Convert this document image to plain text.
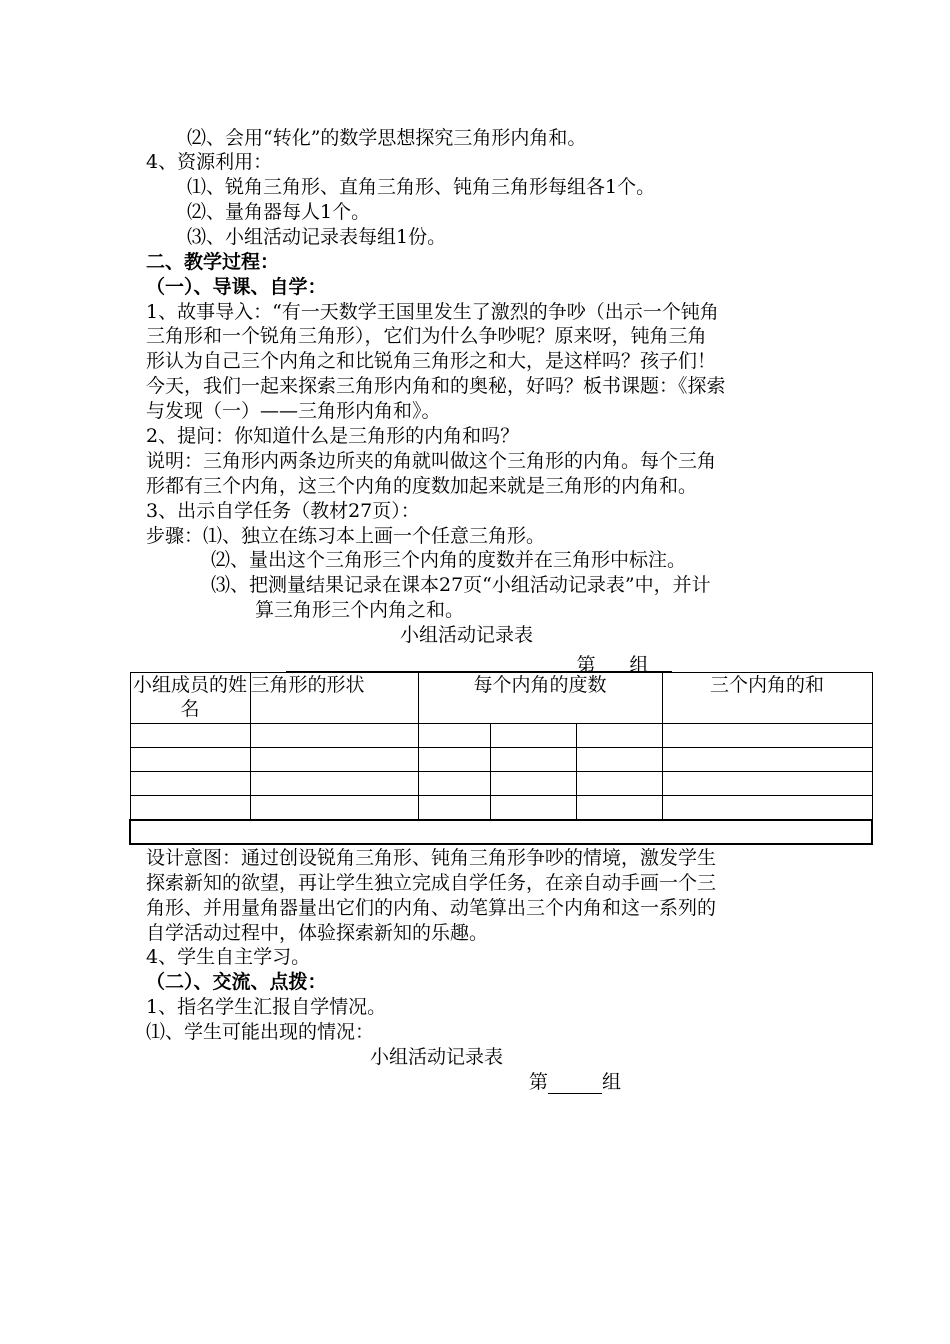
⑵、会用“转化”的数学思想探究三角形内角和。
4、资源利用：
⑴、锐角三角形、直角三角形、钝角三角形每组各1个。
⑵、量角器每人1个。
⑶、小组活动记录表每组1份。
二、教学过程：
（一）、导课、自学：
1、故事导入：“有一天数学王国里发生了激烈的争吵（出示一个钝角
三角形和一个锐角三角形），它们为什么争吵呢？原来呀，钝角三角
形认为自己三个内角之和比锐角三角形之和大，是这样吗？孩子们！
今天，我们一起来探索三角形内角和的奥秘，好吗？板书课题：《探索
与发现（一）——三角形内角和》。
2、提问：你知道什么是三角形的内角和吗？
说明：三角形内两条边所夹的角就叫做这个三角形的内角。每个三角
形都有三个内角，这三个内角的度数加起来就是三角形的内角和。
3、出示自学任务（教材27页）：
步骤：⑴、独立在练习本上画一个任意三角形。
⑵、量出这个三角形三个内角的度数并在三角形中标注。
⑶、把测量结果记录在课本27页“小组活动记录表”中，并计
算三角形三个内角之和。
小组活动记录表
第 组
小组成员的姓名	三角形的形状	每个内角的度数			三个内角的和

设计意图：通过创设锐角三角形、钝角三角形争吵的情境，激发学生
探索新知的欲望，再让学生独立完成自学任务，在亲自动手画一个三
角形、并用量角器量出它们的内角、动笔算出三个内角和这一系列的
自学活动过程中，体验探索新知的乐趣。
4、学生自主学习。
（二）、交流、点拨：
1、指名学生汇报自学情况。
⑴、学生可能出现的情况：
小组活动记录表
第	组
